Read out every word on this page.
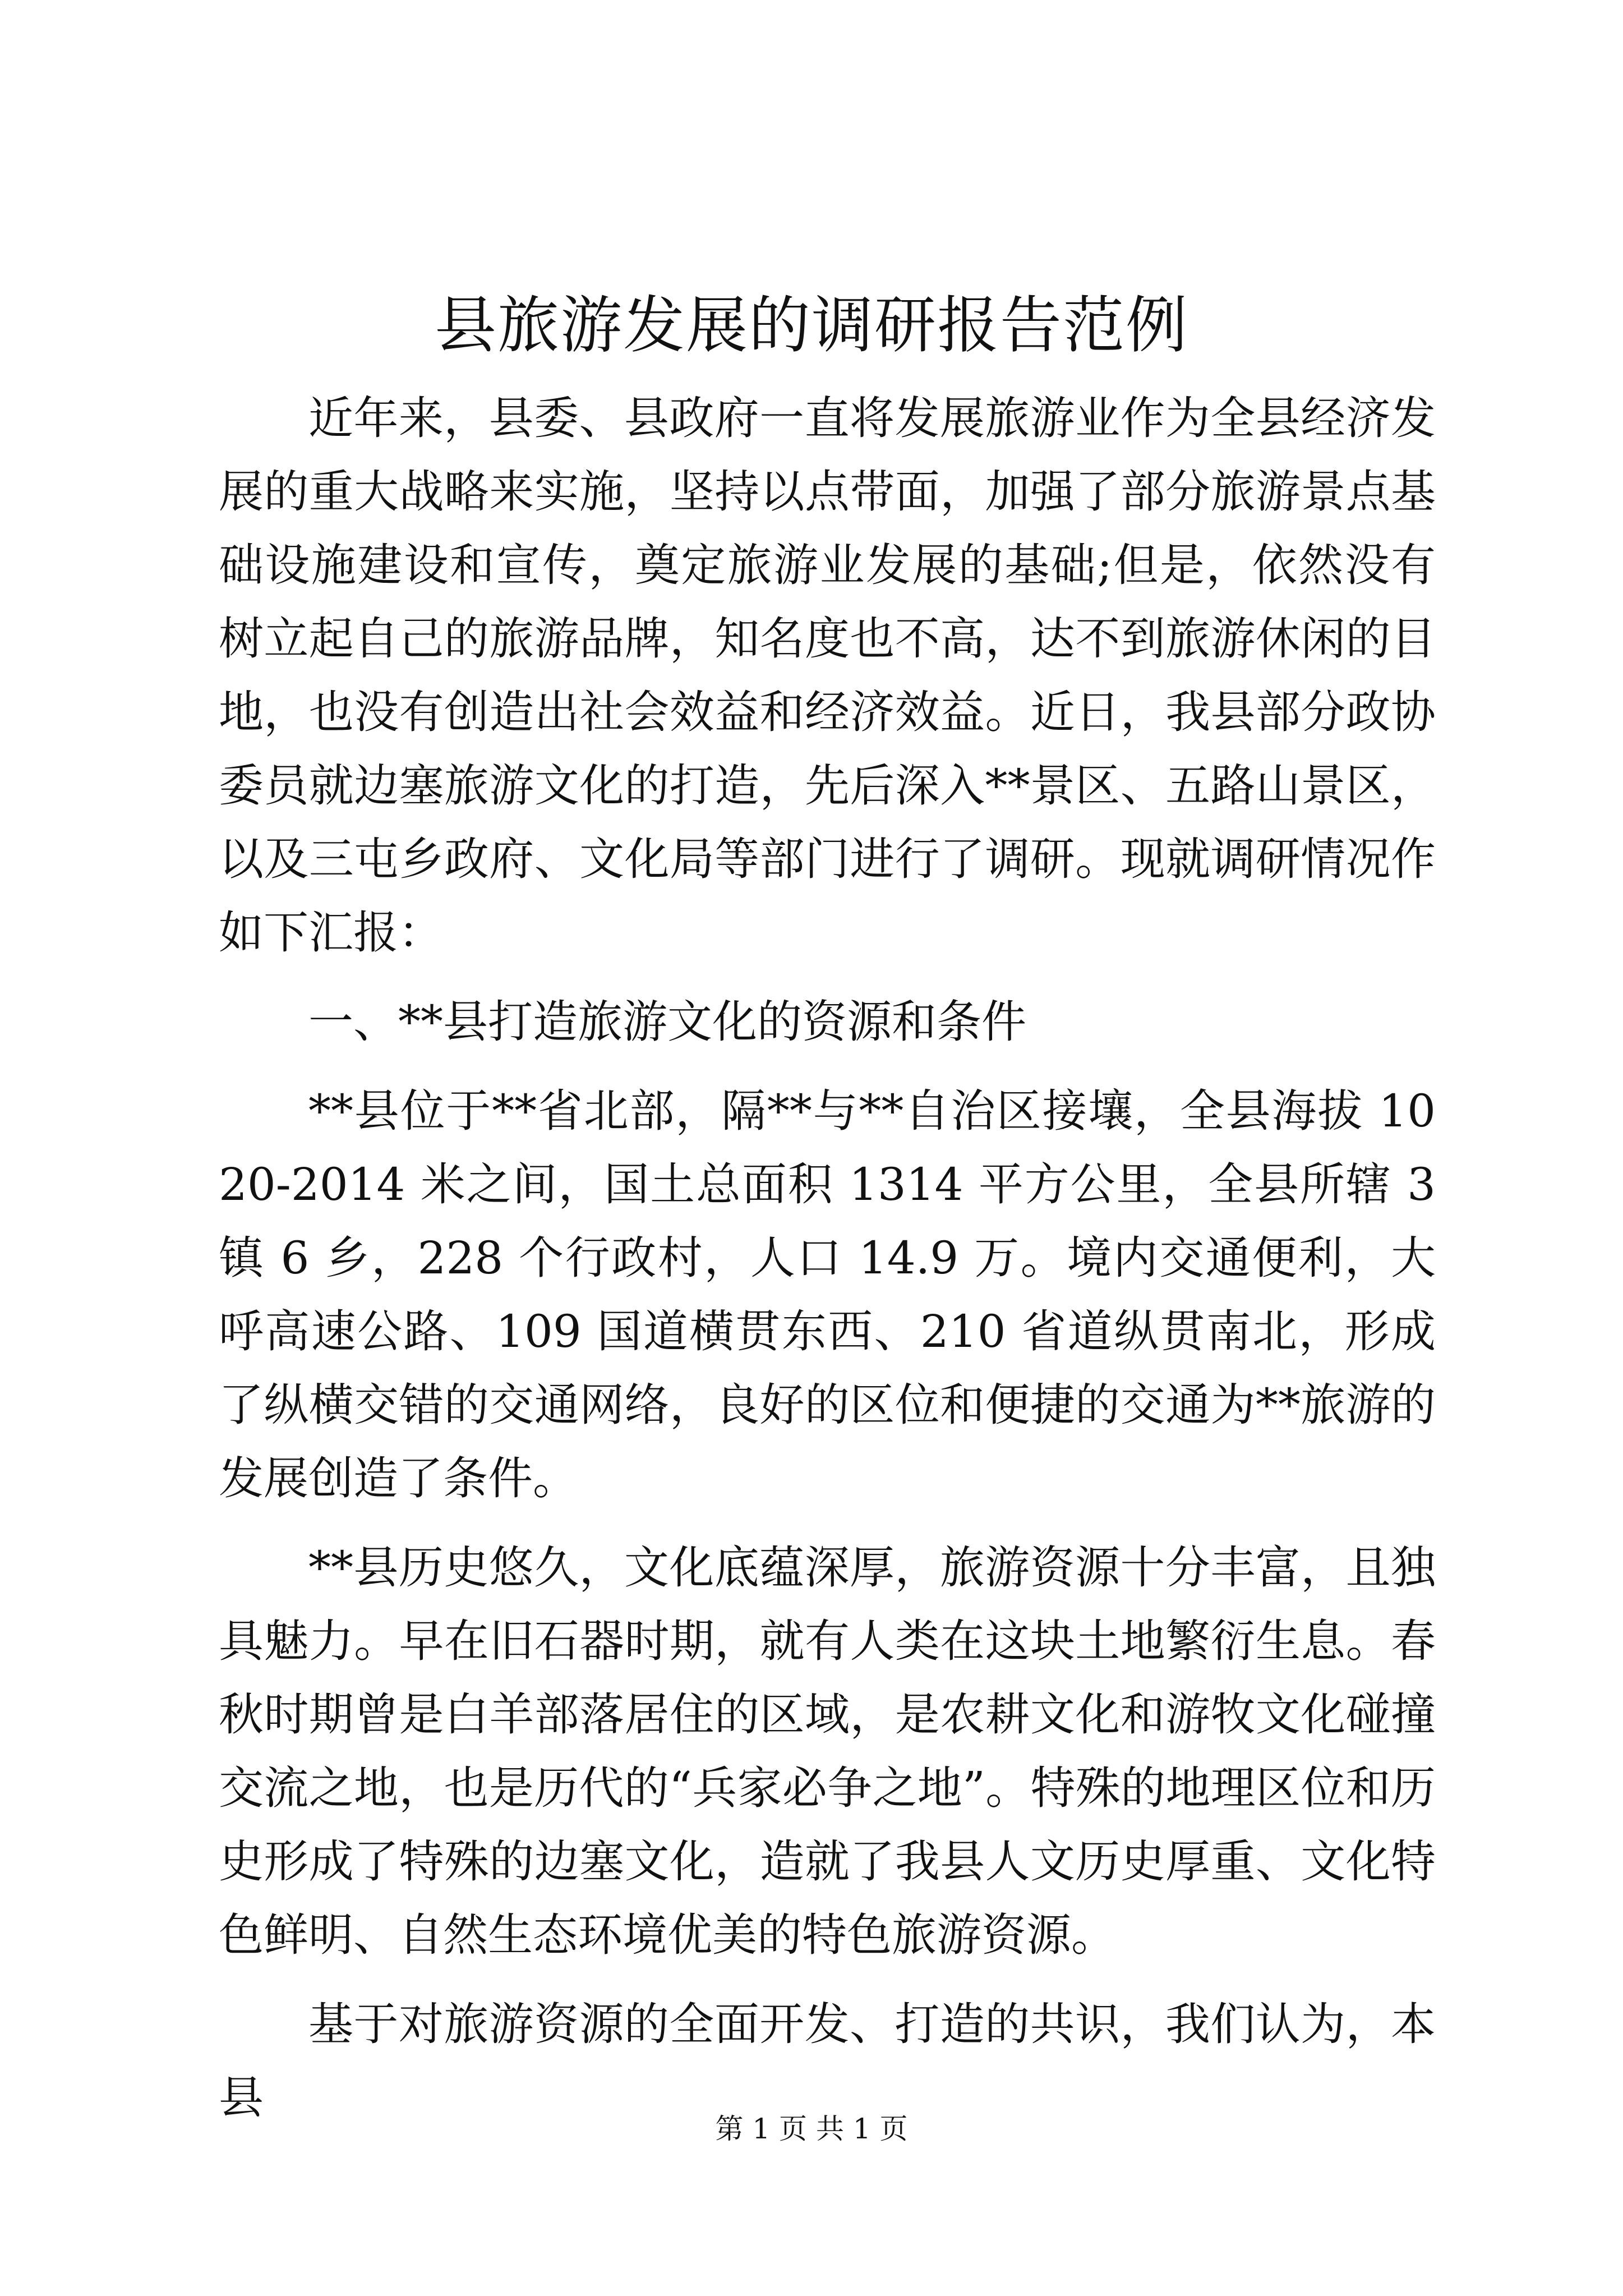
县旅游发展的调研报告范例

近年来，县委、县政府一直将发展旅游业作为全县经济发展的重大战略来实施，坚持以点带面，加强了部分旅游景点基础设施建设和宣传，奠定旅游业发展的基础;但是，依然没有树立起自己的旅游品牌，知名度也不高，达不到旅游休闲的目地，也没有创造出社会效益和经济效益。近日，我县部分政协委员就边塞旅游文化的打造，先后深入**景区、五路山景区，以及三屯乡政府、文化局等部门进行了调研。现就调研情况作如下汇报：

一、**县打造旅游文化的资源和条件

**县位于**省北部，隔**与**自治区接壤，全县海拔 1020-2014 米之间，国土总面积 1314 平方公里，全县所辖 3 镇 6 乡，228 个行政村，人口 14.9 万。境内交通便利，大呼高速公路、109 国道横贯东西、210 省道纵贯南北，形成了纵横交错的交通网络，良好的区位和便捷的交通为**旅游的发展创造了条件。

**县历史悠久，文化底蕴深厚，旅游资源十分丰富，且独具魅力。早在旧石器时期，就有人类在这块土地繁衍生息。春秋时期曾是白羊部落居住的区域，是农耕文化和游牧文化碰撞交流之地，也是历代的“兵家必争之地”。特殊的地理区位和历史形成了特殊的边塞文化，造就了我县人文历史厚重、文化特色鲜明、自然生态环境优美的特色旅游资源。

基于对旅游资源的全面开发、打造的共识，我们认为，本县

第 1 页 共 1 页
